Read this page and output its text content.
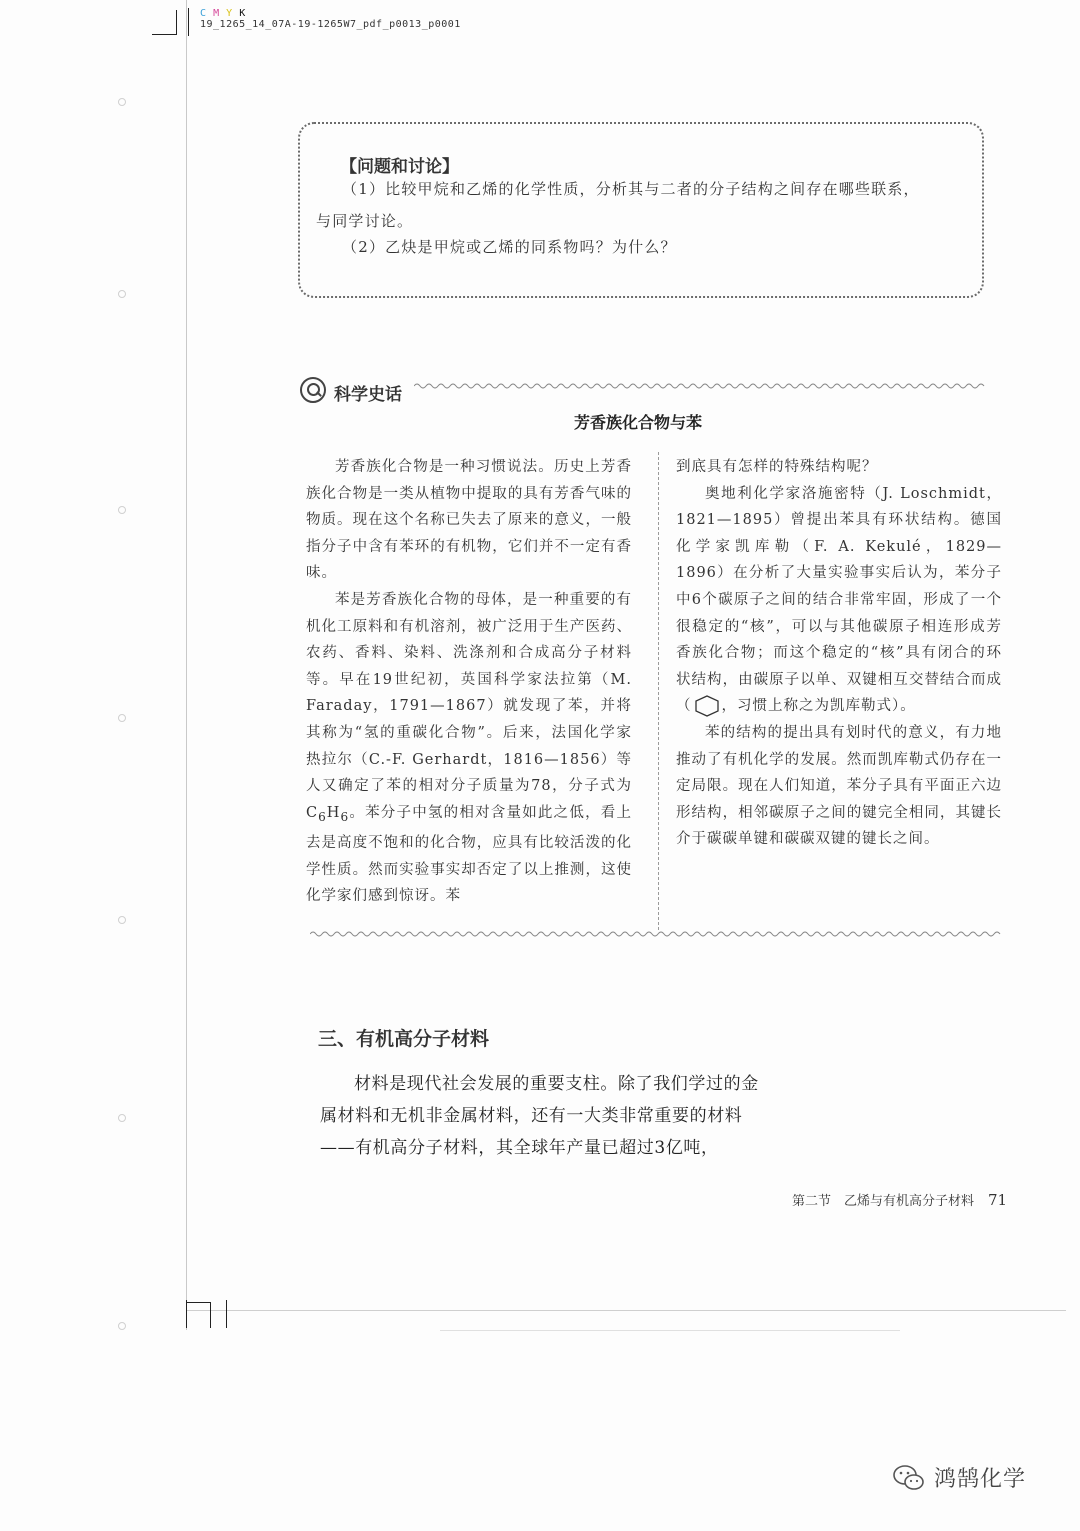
C M Y K
19_1265_14_07A-19-1265W7_pdf_p0013_p0001
【问题和讨论】
（1）比较甲烷和乙烯的化学性质，分析其与二者的分子结构之间存在哪些联系，
与同学讨论。
（2）乙炔是甲烷或乙烯的同系物吗？为什么？
科学史话
芳香族化合物与苯

芳香族化合物是一种习惯说法。历史上芳香族化合物是一类从植物中提取的具有芳香气味的物质。现在这个名称已失去了原来的意义，一般指分子中含有苯环的有机物，它们并不一定有香味。

苯是芳香族化合物的母体，是一种重要的有机化工原料和有机溶剂，被广泛用于生产医药、农药、香料、染料、洗涤剂和合成高分子材料等。早在19世纪初，英国科学家法拉第（M. Faraday，1791—1867）就发现了苯，并将其称为“氢的重碳化合物”。后来，法国化学家热拉尔（C.-F. Gerhardt，1816—1856）等人又确定了苯的相对分子质量为78，分子式为$C_6H_6$。苯分子中氢的相对含量如此之低，看上去是高度不饱和的化合物，应具有比较活泼的化学性质。然而实验事实却否定了以上推测，这使化学家们感到惊讶。苯

到底具有怎样的特殊结构呢？

奥地利化学家洛施密特（J. Loschmidt，1821—1895）曾提出苯具有环状结构。德国化学家凯库勒（F. A. Kekulé，1829—1896）在分析了大量实验事实后认为，苯分子中6个碳原子之间的结合非常牢固，形成了一个很稳定的“核”，可以与其他碳原子相连形成芳香族化合物；而这个稳定的“核”具有闭合的环状结构，由碳原子以单、双键相互交替结合而成（ ，习惯上称之为凯库勒式）。

苯的结构的提出具有划时代的意义，有力地推动了有机化学的发展。然而凯库勒式仍存在一定局限。现在人们知道，苯分子具有平面正六边形结构，相邻碳原子之间的键完全相同，其键长介于碳碳单键和碳碳双键的键长之间。

三、有机高分子材料

材料是现代社会发展的重要支柱。除了我们学过的金属材料和无机非金属材料，还有一大类非常重要的材料——有机高分子材料，其全球年产量已超过3亿吨，

第二节　乙烯与有机高分子材料 71
鸿鹄化学
